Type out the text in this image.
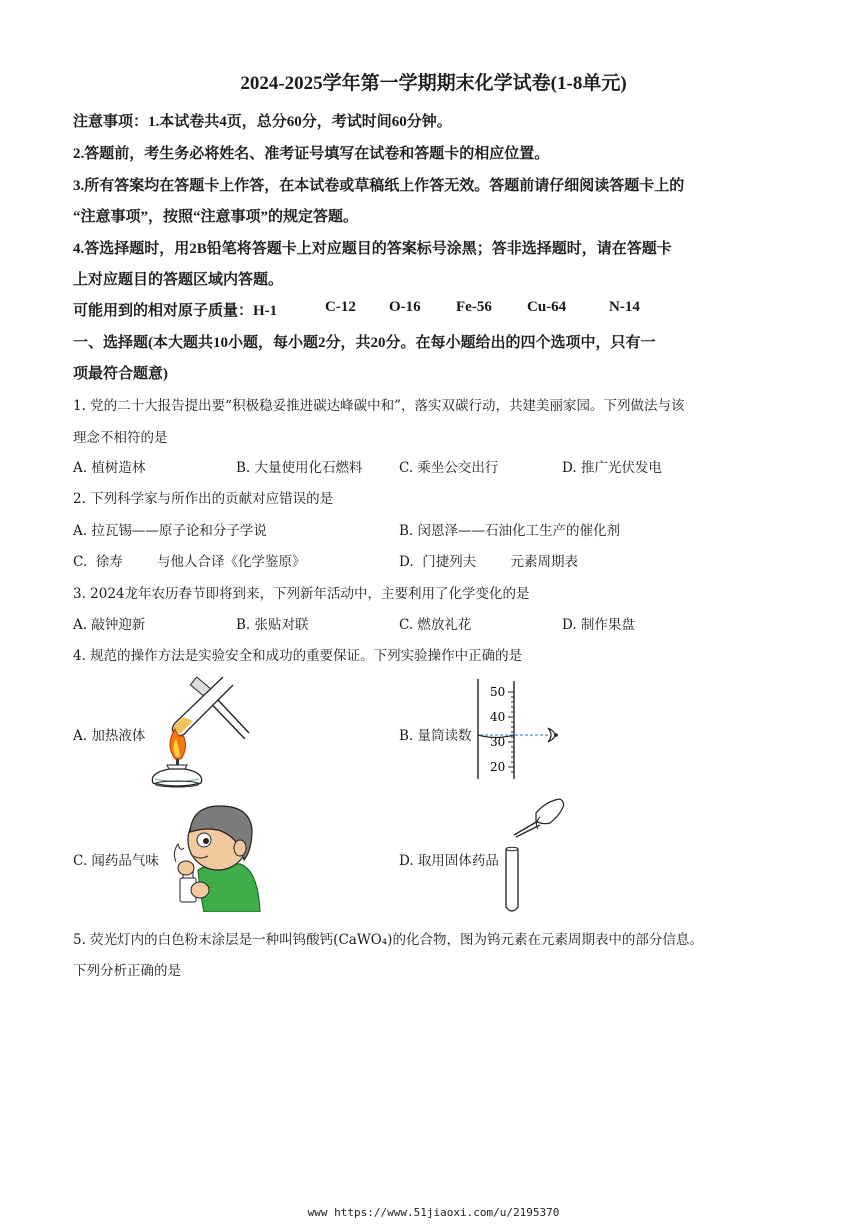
2024-2025学年第一学期期末化学试卷(1-8单元)
注意事项：1.本试卷共4页，总分60分，考试时间60分钟。
2.答题前，考生务必将姓名、准考证号填写在试卷和答题卡的相应位置。
3.所有答案均在答题卡上作答，在本试卷或草稿纸上作答无效。答题前请仔细阅读答题卡上的
“注意事项”，按照“注意事项”的规定答题。
4.答选择题时，用2B铅笔将答题卡上对应题目的答案标号涂黑；答非选择题时，请在答题卡
上对应题目的答题区域内答题。
可能用到的相对原子质量：H-1	C-12 O-16 Fe-56 Cu-64	N-14
一、选择题(本大题共10小题，每小题2分，共20分。在每小题给出的四个选项中，只有一
项最符合题意)
1. 党的二十大报告提出要“积极稳妥推进碳达峰碳中和”，落实双碳行动，共建美丽家园。下列做法与该
理念不相符的是
A. 植树造林	B. 大量使用化石燃料	C. 乘坐公交出行	D. 推广光伏发电
2. 下列科学家与所作出的贡献对应错误的是
A. 拉瓦锡——原子论和分子学说	B. 闵恩泽——石油化工生产的催化剂
C.  徐寿        与他人合译《化学鉴原》	D.  门捷列夫        元素周期表
3. 2024龙年农历春节即将到来，下列新年活动中，主要利用了化学变化的是
A. 敲钟迎新	B. 张贴对联	C. 燃放礼花	D. 制作果盘
4. 规范的操作方法是实验安全和成功的重要保证。下列实验操作中正确的是
A. 加热液体	B. 量筒读数
C. 闻药品气味	D. 取用固体药品
50
40
30
20
5. 荧光灯内的白色粉末涂层是一种叫钨酸钙(CaWO₄)的化合物，图为钨元素在元素周期表中的部分信息。
下列分析正确的是
www https://www.51jiaoxi.com/u/2195370
